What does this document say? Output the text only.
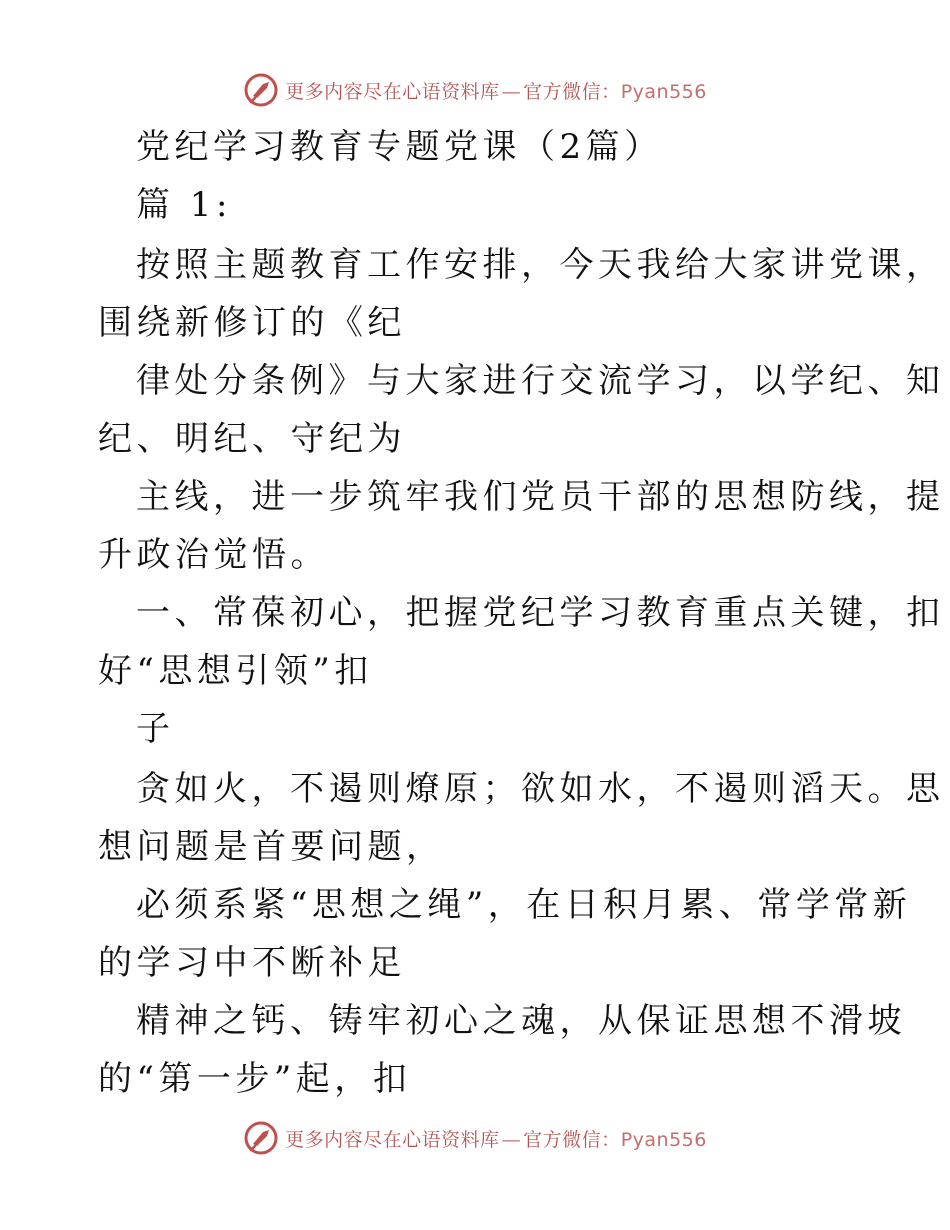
更多内容尽在心语资料库 — 官方微信：Pyan556
党纪学习教育专题党课（2篇）
篇 1:
按照主题教育工作安排，今天我给大家讲党课，
围绕新修订的《纪
律处分条例》与大家进行交流学习，以学纪、知
纪、明纪、守纪为
主线，进一步筑牢我们党员干部的思想防线，提
升政治觉悟。
一、常葆初心，把握党纪学习教育重点关键，扣
好“思想引领”扣
子
贪如火，不遏则燎原；欲如水，不遏则滔天。思
想问题是首要问题，
必须系紧“思想之绳”，在日积月累、常学常新
的学习中不断补足
精神之钙、铸牢初心之魂，从保证思想不滑坡
的“第一步”起，扣
更多内容尽在心语资料库 — 官方微信：Pyan556
